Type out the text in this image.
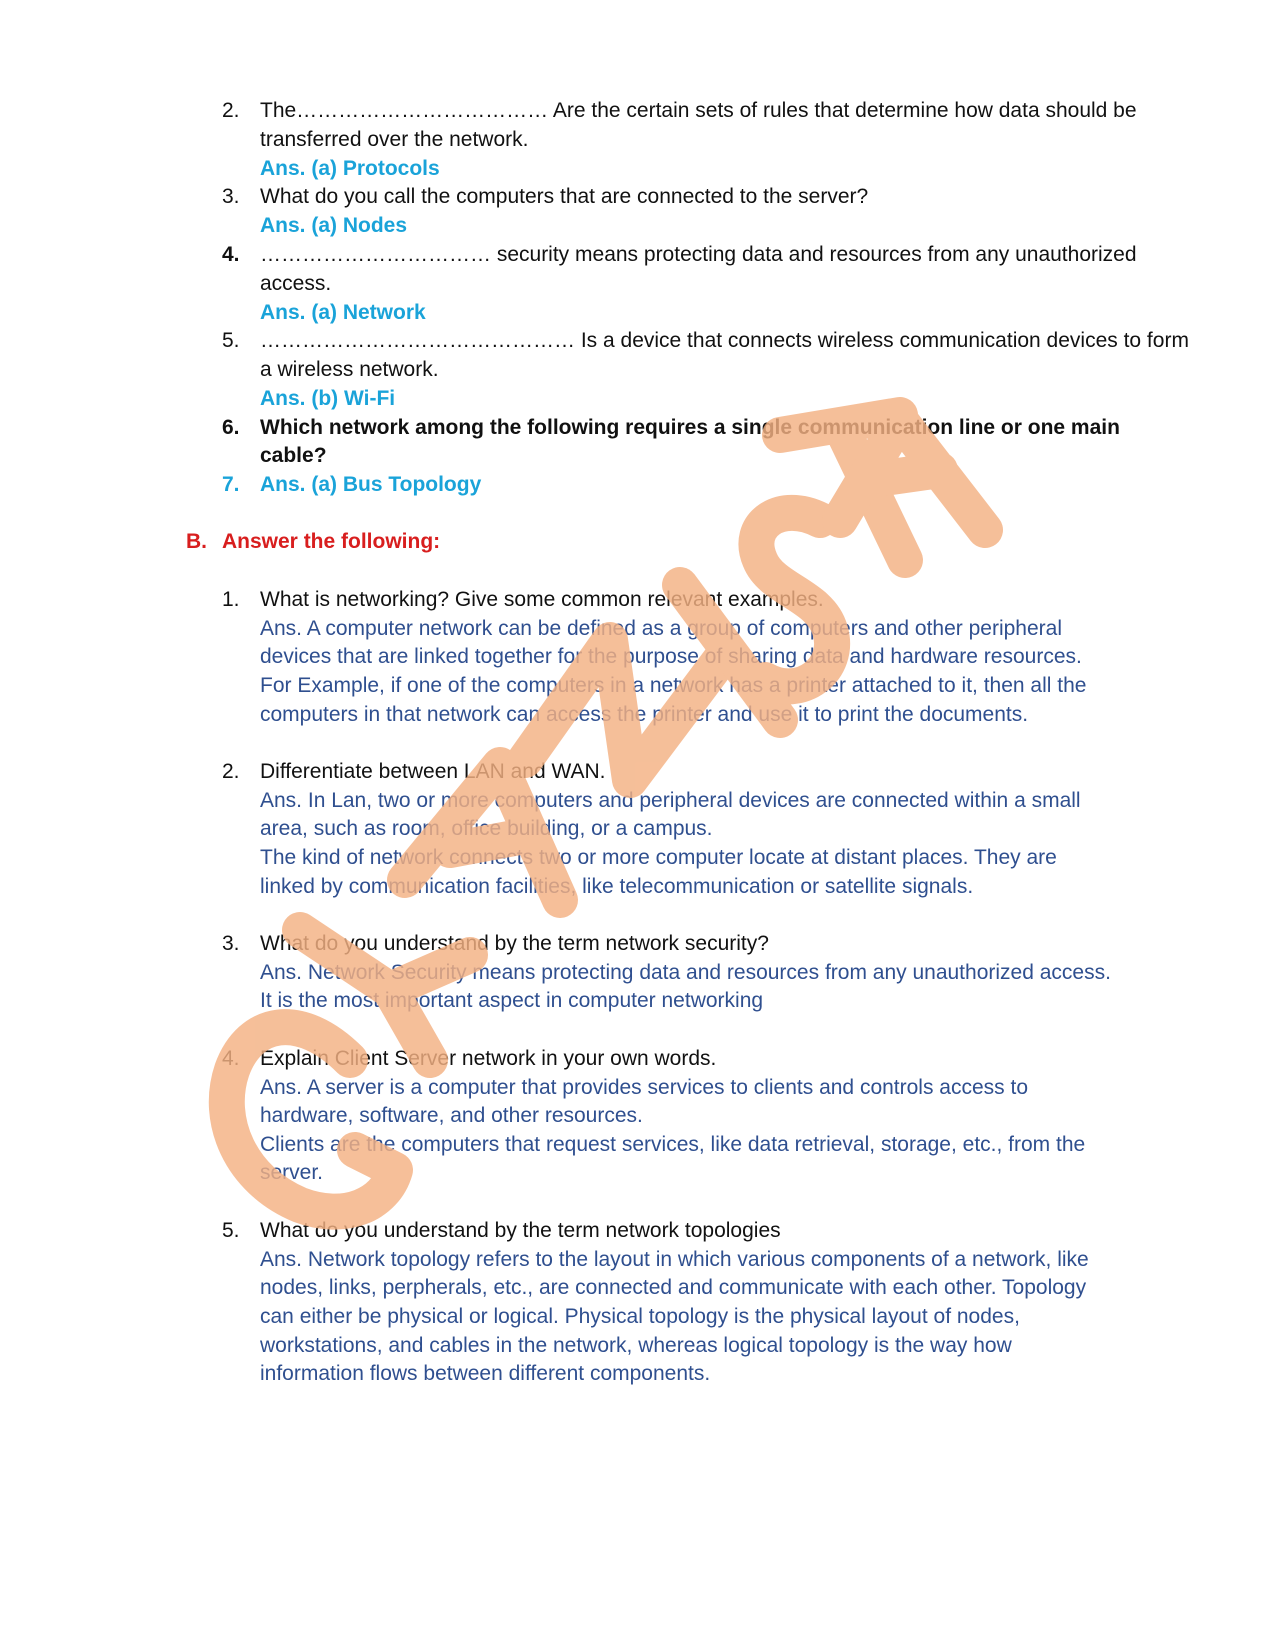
2. The……………………………… Are the certain sets of rules that determine how data should be
transferred over the network.
Ans. (a) Protocols
3. What do you call the computers that are connected to the server?
Ans. (a) Nodes
4. …………………………… security means protecting data and resources from any unauthorized
access.
Ans. (a) Network
5. ……………………………………… Is a device that connects wireless communication devices to form
a wireless network.
Ans. (b) Wi-Fi
6. Which network among the following requires a single communication line or one main
cable?
7. Ans. (a) Bus Topology
B. Answer the following:
1. What is networking? Give some common relevant examples.
Ans. A computer network can be defined as a group of computers and other peripheral
devices that are linked together for the purpose of sharing data and hardware resources.
For Example, if one of the computers in a network has a printer attached to it, then all the
computers in that network can access the printer and use it to print the documents.
2. Differentiate between LAN and WAN.
Ans. In Lan, two or more computers and peripheral devices are connected within a small
area, such as room, office building, or a campus.
The kind of network connects two or more computer locate at distant places. They are
linked by communication facilities, like telecommunication or satellite signals.
3. What do you understand by the term network security?
Ans. Network Security means protecting data and resources from any unauthorized access.
It is the most important aspect in computer networking
4. Explain Client Server network in your own words.
Ans. A server is a computer that provides services to clients and controls access to
hardware, software, and other resources.
Clients are the computers that request services, like data retrieval, storage, etc., from the
server.
5. What do you understand by the term network topologies
Ans. Network topology refers to the layout in which various components of a network, like
nodes, links, perpherals, etc., are connected and communicate with each other. Topology
can either be physical or logical. Physical topology is the physical layout of nodes,
workstations, and cables in the network, whereas logical topology is the way how
information flows between different components.
